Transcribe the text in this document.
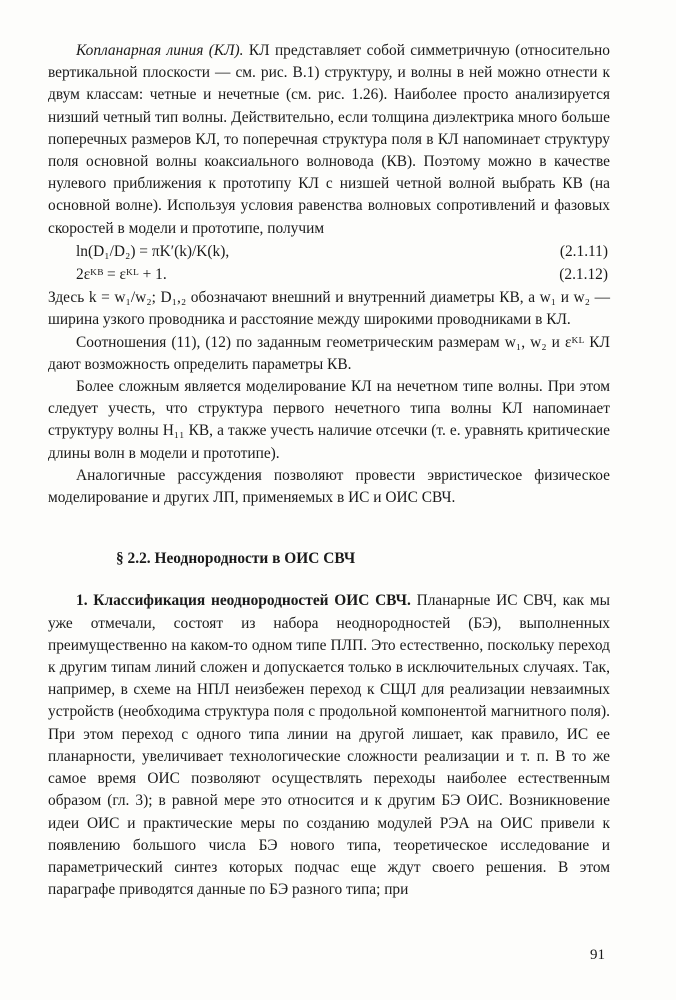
Копланарная линия (КЛ). КЛ представляет собой симметричную (относительно вертикальной плоскости — см. рис. В.1) структуру, и волны в ней можно отнести к двум классам: четные и нечетные (см. рис. 1.26). Наиболее просто анализируется низший четный тип волны. Действительно, если толщина диэлектрика много больше поперечных размеров КЛ, то поперечная структура поля в КЛ напоминает структуру поля основной волны коаксиального волновода (КВ). Поэтому можно в качестве нулевого приближения к прототипу КЛ с низшей четной волной выбрать КВ (на основной волне). Используя условия равенства волновых сопротивлений и фазовых скоростей в модели и прототипе, получим

ln(D₁/D₂) = πK′(k)/K(k),	(2.1.11)
2εᴷᴮ = εᴷᴸ + 1.	(2.1.12)

Здесь k = w₁/w₂; D₁,₂ обозначают внешний и внутренний диаметры КВ, а w₁ и w₂ — ширина узкого проводника и расстояние между широкими проводниками в КЛ.

Соотношения (11), (12) по заданным геометрическим размерам w₁, w₂ и εᴷᴸ КЛ дают возможность определить параметры КВ.

Более сложным является моделирование КЛ на нечетном типе волны. При этом следует учесть, что структура первого нечетного типа волны КЛ напоминает структуру волны H₁₁ КВ, а также учесть наличие отсечки (т. е. уравнять критические длины волн в модели и прототипе).

Аналогичные рассуждения позволяют провести эвристическое физическое моделирование и других ЛП, применяемых в ИС и ОИС СВЧ.

§ 2.2. Неоднородности в ОИС СВЧ

1. Классификация неоднородностей ОИС СВЧ. Планарные ИС СВЧ, как мы уже отмечали, состоят из набора неоднородностей (БЭ), выполненных преимущественно на каком-то одном типе ПЛП. Это естественно, поскольку переход к другим типам линий сложен и допускается только в исключительных случаях. Так, например, в схеме на НПЛ неизбежен переход к СЩЛ для реализации невзаимных устройств (необходима структура поля с продольной компонентой магнитного поля). При этом переход с одного типа линии на другой лишает, как правило, ИС ее планарности, увеличивает технологические сложности реализации и т. п. В то же самое время ОИС позволяют осуществлять переходы наиболее естественным образом (гл. 3); в равной мере это относится и к другим БЭ ОИС. Возникновение идеи ОИС и практические меры по созданию модулей РЭА на ОИС привели к появлению большого числа БЭ нового типа, теоретическое исследование и параметрический синтез которых подчас еще ждут своего решения. В этом параграфе приводятся данные по БЭ разного типа; при

91
